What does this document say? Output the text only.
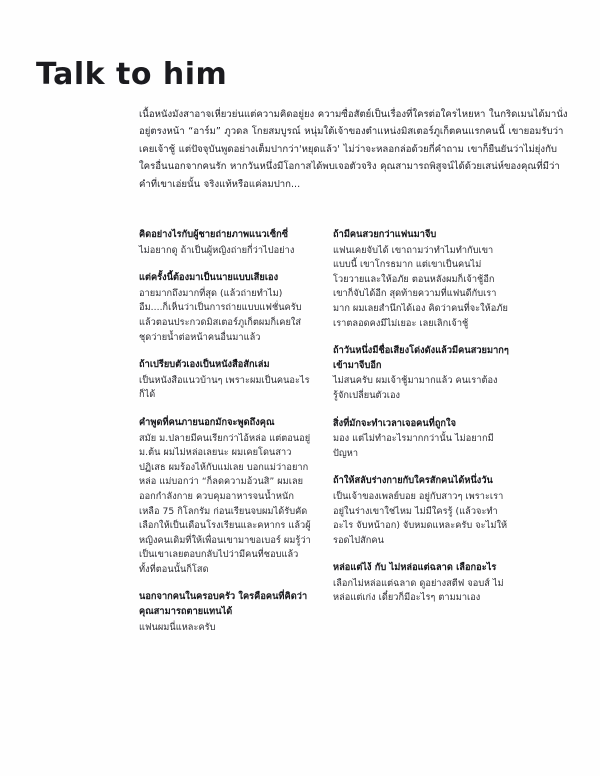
Talk to him

เนื้อหนังมังสาอาจเหี่ยวย่นแต่ความคิดอยู่ยง ความซื่อสัตย์เป็นเรื่องที่ใครต่อใครไหยหา ในกริดเมนได้มานั่งอยู่ตรงหน้า “อาร์ม” ภูวดล โกยสมบูรณ์ หนุ่มใต้เจ้าของตำแหน่งมิสเตอร์ภูเก็ตคนแรกคนนี้ เขายอมรับว่าเคยเจ้าชู้ แต่ปัจจุบันพูดอย่างเต็มปากว่า'หยุดแล้ว' ไม่ว่าจะหลอกล่อด้วยกี่คำถาม เขาก็ยืนยันว่าไม่ยุ่งกับใครอื่นนอกจากคนรัก หากวันหนึ่งมีโอกาสได้พบเจอตัวจริง คุณสามารถพิสูจน์ได้ด้วยเสน่ห์ของคุณที่มีว่าคำที่เขาเอ่ยนั้น จริงแท้หรือแค่ลมปาก...

คิดอย่างไรกับผู้ชายถ่ายภาพแนวเซ็กซี่

ไม่อยากดู ถ้าเป็นผู้หญิงถ่ายกี่ว่าไปอย่าง

แต่ครั้งนี้ต้องมาเป็นนายแบบเสียเอง

อายมากถึงมากที่สุด (แล้วถ่ายทำไม) อืม....ก็เห็นว่าเป็นการถ่ายแบบแฟชั่นครับ แล้วตอนประกวดมิสเตอร์ภูเก็ตผมก็เคยใส่ชุดว่ายน้ำต่อหน้าคนอื่นมาแล้ว

ถ้าเปรียบตัวเองเป็นหนังสือสักเล่ม

เป็นหนังสือแนวบ้านๆ เพราะผมเป็นคนอะไรก็ได้

คำพูดที่คนภายนอกมักจะพูดถึงคุณ

สมัย ม.ปลายมีคนเรียกว่าไอ้หล่อ แต่ตอนอยู่ ม.ต้น ผมไม่หล่อเลยนะ ผมเคยโดนสาวปฏิเสธ ผมร้องไห้กับแม่เลย บอกแม่ว่าอยากหล่อ แม่บอกว่า “ก็ลดความอ้วนสิ” ผมเลยออกกำลังกาย ควบคุมอาหารจนน้ำหนักเหลือ 75 กิโลกรัม ก่อนเรียนจบผมได้รับคัดเลือกให้เป็นเดือนโรงเรียนและคหากร แล้วผู้หญิงคนเดิมที่ให้เพื่อนเขามาขอเบอร์ ผมรู้ว่าเป็นเขาเลยตอบกลับไปว่ามีคนที่ชอบแล้ว ทั้งที่ตอนนั้นก็โสด

นอกจากคนในครอบครัว ใครคือคนที่คิดว่าคุณสามารถตายแทนได้

แฟนผมนี่แหละครับ

ถ้ามีคนสวยกว่าแฟนมาจีบ

แฟนเคยจับได้ เขาถามว่าทำไมทำกับเขาแบบนี้ เขาโกรธมาก แต่เขาเป็นคนไม่โวยวายและให้อภัย ตอนหลังผมก็เจ้าชู้อีก เขาก็จับได้อีก สุดท้ายความที่แฟนดีกับเรามาก ผมเลยสำนึกได้เอง คิดว่าคนที่จะให้อภัยเราตลอดคงมีไม่เยอะ เลยเลิกเจ้าชู้

ถ้าวันหนึ่งมีชื่อเสียงโด่งดังแล้วมีคนสวยมากๆ เข้ามาจีบอีก

ไม่สนครับ ผมเจ้าชู้มามากแล้ว คนเราต้องรู้จักเปลี่ยนตัวเอง

สิ่งที่มักจะทำเวลาเจอคนที่ถูกใจ

มอง แต่ไม่ทำอะไรมากกว่านั้น ไม่อยากมีปัญหา

ถ้าให้สลับร่างกายกับใครสักคนได้หนึ่งวัน

เป็นเจ้าของเพลย์บอย อยู่กับสาวๆ เพราะเราอยู่ในร่างเขาใช่ไหม ไม่มีใครรู้ (แล้วจะทำอะไร จับหน้าอก) จับหมดแหละครับ จะไม่ให้รอดไปสักคน

หล่อแต่ไง้ กับ ไม่หล่อแต่ฉลาด เลือกอะไร

เลือกไม่หล่อแต่ฉลาด ดูอย่างสตีฟ จอบส์ ไม่หล่อแต่เก่ง เดี๋ยวก็มีอะไรๆ ตามมาเอง
